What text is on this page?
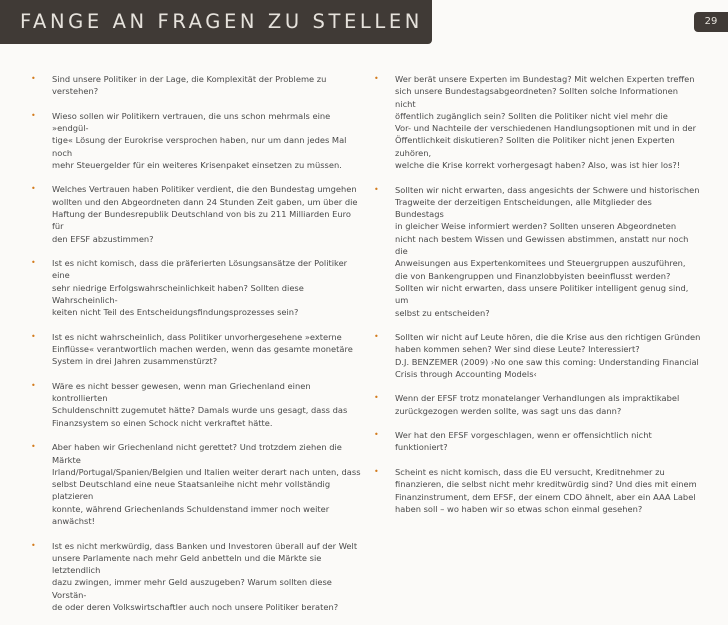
FANGE AN FRAGEN ZU STELLEN	29
• Sind unsere Politiker in der Lage, die Komplexität der Probleme zu verstehen?
• Wieso sollen wir Politikern vertrauen, die uns schon mehrmals eine »endgül-
tige« Lösung der Eurokrise versprochen haben, nur um dann jedes Mal noch
mehr Steuergelder für ein weiteres Krisenpaket einsetzen zu müssen.
• Welches Vertrauen haben Politiker verdient, die den Bundestag umgehen
wollten und den Abgeordneten dann 24 Stunden Zeit gaben, um über die
Haftung der Bundesrepublik Deutschland von bis zu 211 Milliarden Euro für
den EFSF abzustimmen?
• Ist es nicht komisch, dass die präferierten Lösungsansätze der Politiker eine
sehr niedrige Erfolgswahrscheinlichkeit haben? Sollten diese Wahrscheinlich-
keiten nicht Teil des Entscheidungsfindungsprozesses sein?
• Ist es nicht wahrscheinlich, dass Politiker unvorhergesehene »externe
Einflüsse« verantwortlich machen werden, wenn das gesamte monetäre
System in drei Jahren zusammenstürzt?
• Wäre es nicht besser gewesen, wenn man Griechenland einen kontrollierten
Schuldenschnitt zugemutet hätte? Damals wurde uns gesagt, dass das
Finanzsystem so einen Schock nicht verkraftet hätte.
• Aber haben wir Griechenland nicht gerettet? Und trotzdem ziehen die Märkte
Irland/Portugal/Spanien/Belgien und Italien weiter derart nach unten, dass
selbst Deutschland eine neue Staatsanleihe nicht mehr vollständig platzieren
konnte, während Griechenlands Schuldenstand immer noch weiter anwächst!
• Ist es nicht merkwürdig, dass Banken und Investoren überall auf der Welt
unsere Parlamente nach mehr Geld anbetteln und die Märkte sie letztendlich
dazu zwingen, immer mehr Geld auszugeben? Warum sollten diese Vorstän-
de oder deren Volkswirtschaftler auch noch unsere Politiker beraten?
• Wer berät unsere Experten im Bundestag? Mit welchen Experten treffen
sich unsere Bundestagsabgeordneten? Sollten solche Informationen nicht
öffentlich zugänglich sein? Sollten die Politiker nicht viel mehr die
Vor- und Nachteile der verschiedenen Handlungsoptionen mit und in der
Öffentlichkeit diskutieren? Sollten die Politiker nicht jenen Experten zuhören,
welche die Krise korrekt vorhergesagt haben? Also, was ist hier los?!
• Sollten wir nicht erwarten, dass angesichts der Schwere und historischen
Tragweite der derzeitigen Entscheidungen, alle Mitglieder des Bundestags
in gleicher Weise informiert werden? Sollten unseren Abgeordneten
nicht nach bestem Wissen und Gewissen abstimmen, anstatt nur noch die
Anweisungen aus Expertenkomitees und Steuergruppen auszuführen,
die von Bankengruppen und Finanzlobbyisten beeinflusst werden?
Sollten wir nicht erwarten, dass unsere Politiker intelligent genug sind, um
selbst zu entscheiden?
• Sollten wir nicht auf Leute hören, die die Krise aus den richtigen Gründen
haben kommen sehen? Wer sind diese Leute? Interessiert?
D.J. BENZEMER (2009) ›No one saw this coming: Understanding Financial
Crisis through Accounting Models‹
• Wenn der EFSF trotz monatelanger Verhandlungen als impraktikabel
zurückgezogen werden sollte, was sagt uns das dann?
• Wer hat den EFSF vorgeschlagen, wenn er offensichtlich nicht funktioniert?
• Scheint es nicht komisch, dass die EU versucht, Kreditnehmer zu
finanzieren, die selbst nicht mehr kreditwürdig sind? Und dies mit einem
Finanzinstrument, dem EFSF, der einem CDO ähnelt, aber ein AAA Label
haben soll – wo haben wir so etwas schon einmal gesehen?
